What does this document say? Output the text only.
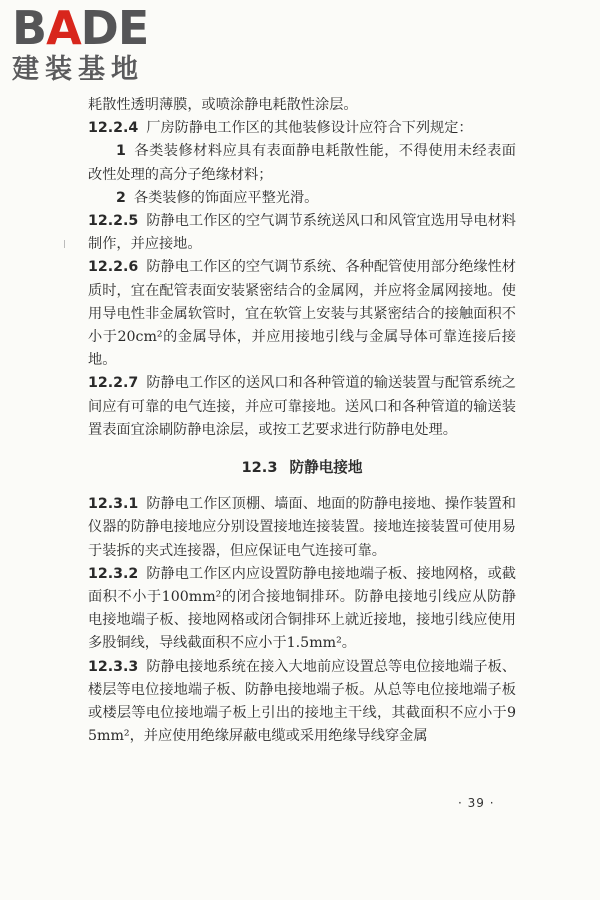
BADE
建装基地

耗散性透明薄膜，或喷涂静电耗散性涂层。

12.2.4 厂房防静电工作区的其他装修设计应符合下列规定：

1 各类装修材料应具有表面静电耗散性能，不得使用未经表面改性处理的高分子绝缘材料；

2 各类装修的饰面应平整光滑。

12.2.5 防静电工作区的空气调节系统送风口和风管宜选用导电材料制作，并应接地。

12.2.6 防静电工作区的空气调节系统、各种配管使用部分绝缘性材质时，宜在配管表面安装紧密结合的金属网，并应将金属网接地。使用导电性非金属软管时，宜在软管上安装与其紧密结合的接触面积不小于20cm²的金属导体，并应用接地引线与金属导体可靠连接后接地。

12.2.7 防静电工作区的送风口和各种管道的输送装置与配管系统之间应有可靠的电气连接，并应可靠接地。送风口和各种管道的输送装置表面宜涂刷防静电涂层，或按工艺要求进行防静电处理。

12.3 防静电接地

12.3.1 防静电工作区顶棚、墙面、地面的防静电接地、操作装置和仪器的防静电接地应分别设置接地连接装置。接地连接装置可使用易于装拆的夹式连接器，但应保证电气连接可靠。

12.3.2 防静电工作区内应设置防静电接地端子板、接地网格，或截面积不小于100mm²的闭合接地铜排环。防静电接地引线应从防静电接地端子板、接地网格或闭合铜排环上就近接地，接地引线应使用多股铜线，导线截面积不应小于1.5mm²。

12.3.3 防静电接地系统在接入大地前应设置总等电位接地端子板、楼层等电位接地端子板、防静电接地端子板。从总等电位接地端子板或楼层等电位接地端子板上引出的接地主干线，其截面积不应小于95mm²，并应使用绝缘屏蔽电缆或采用绝缘导线穿金属

· 39 ·
